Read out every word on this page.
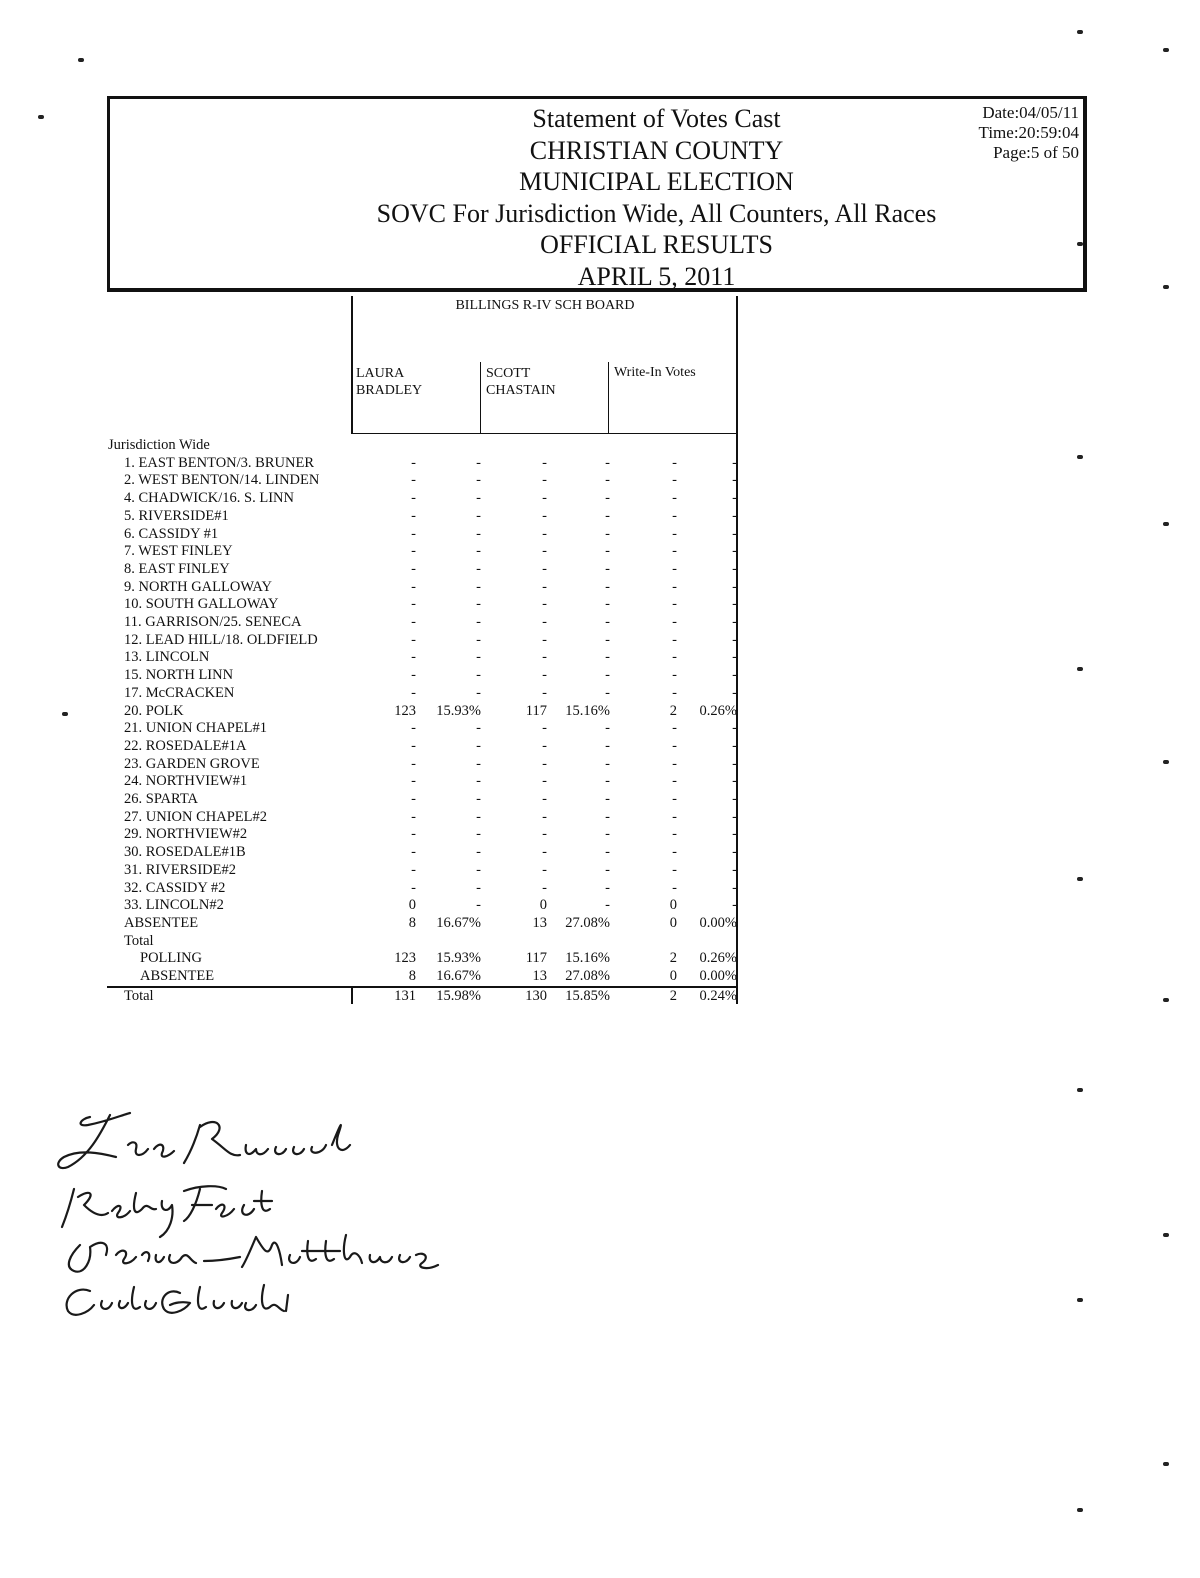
Statement of Votes Cast
CHRISTIAN COUNTY
MUNICIPAL ELECTION
SOVC For Jurisdiction Wide, All Counters, All Races
OFFICIAL RESULTS
APRIL 5, 2011
Date:04/05/11
Time:20:59:04
Page:5 of 50
BILLINGS R-IV SCH BOARD
LAURA
BRADLEY
SCOTT
CHASTAIN
Write-In Votes
Jurisdiction Wide
1. EAST BENTON/3. BRUNER	-	-	-	-	-	-
2. WEST BENTON/14. LINDEN	-	-	-	-	-	-
4. CHADWICK/16. S. LINN	-	-	-	-	-	-
5. RIVERSIDE#1	-	-	-	-	-	-
6. CASSIDY #1	-	-	-	-	-	-
7. WEST FINLEY	-	-	-	-	-	-
8. EAST FINLEY	-	-	-	-	-	-
9. NORTH GALLOWAY	-	-	-	-	-	-
10. SOUTH GALLOWAY	-	-	-	-	-	-
11. GARRISON/25. SENECA	-	-	-	-	-	-
12. LEAD HILL/18. OLDFIELD	-	-	-	-	-	-
13. LINCOLN	-	-	-	-	-	-
15. NORTH LINN	-	-	-	-	-	-
17. McCRACKEN	-	-	-	-	-	-
20. POLK	123	15.93%	117	15.16%	2	0.26%
21. UNION CHAPEL#1	-	-	-	-	-	-
22. ROSEDALE#1A	-	-	-	-	-	-
23. GARDEN GROVE	-	-	-	-	-	-
24. NORTHVIEW#1	-	-	-	-	-	-
26. SPARTA	-	-	-	-	-	-
27. UNION CHAPEL#2	-	-	-	-	-	-
29. NORTHVIEW#2	-	-	-	-	-	-
30. ROSEDALE#1B	-	-	-	-	-	-
31. RIVERSIDE#2	-	-	-	-	-	-
32. CASSIDY #2	-	-	-	-	-	-
33. LINCOLN#2	0	-	0	-	0	-
ABSENTEE	8	16.67%	13	27.08%	0	0.00%
Total
POLLING	123	15.93%	117	15.16%	2	0.26%
ABSENTEE	8	16.67%	13	27.08%	0	0.00%
Total	131	15.98%	130	15.85%	2	0.24%
